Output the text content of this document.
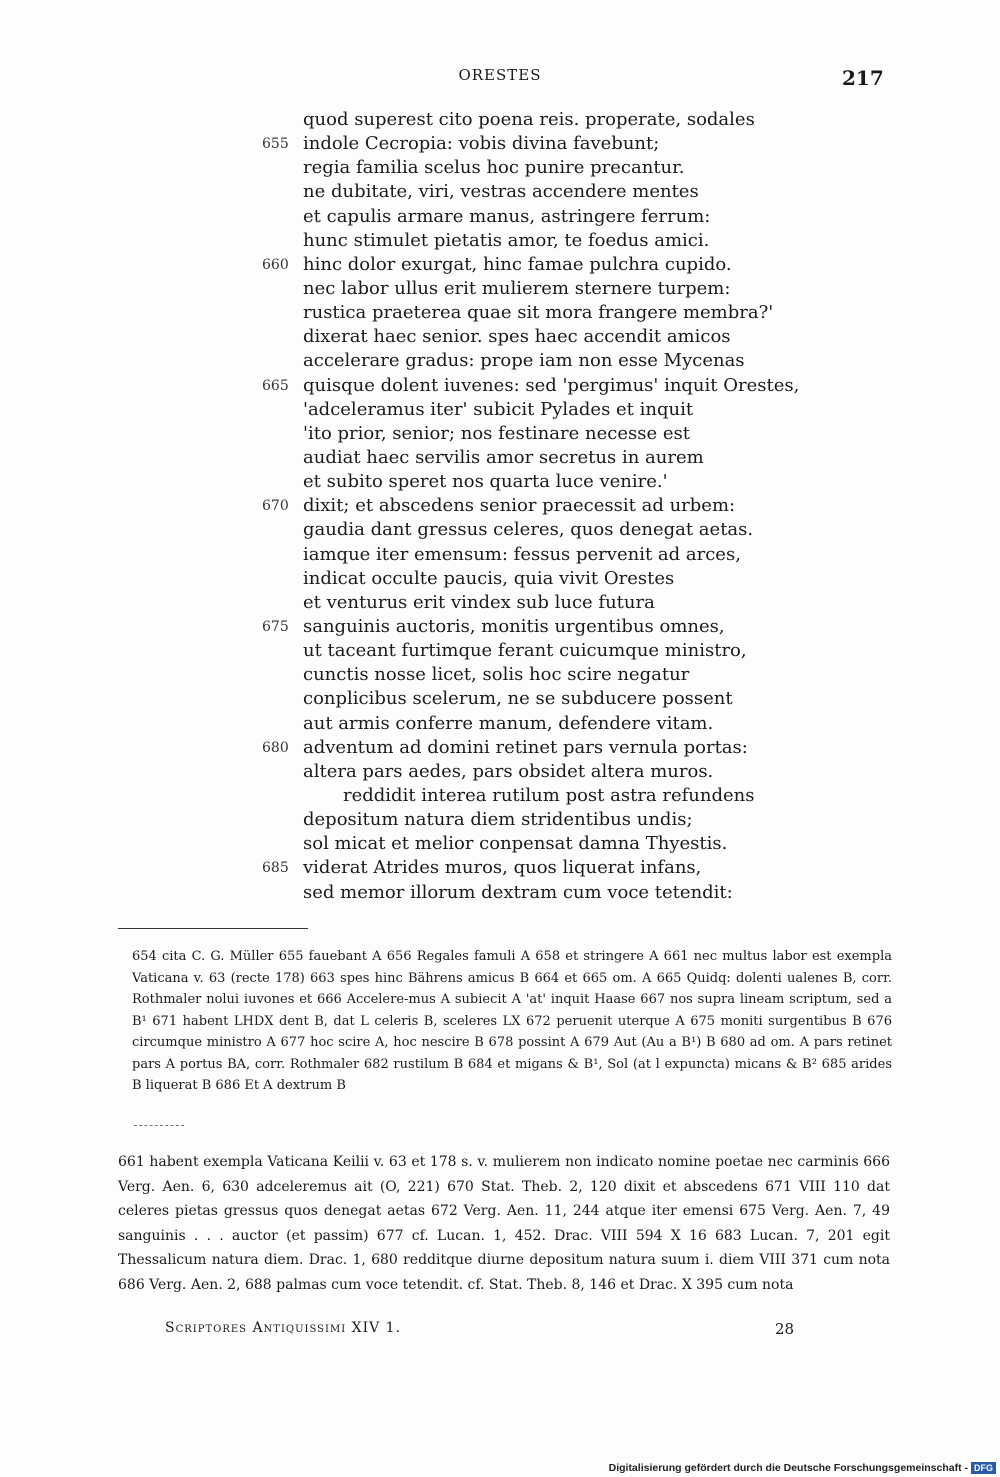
ORESTES	217
quod superest cito poena reis. properate, sodales
655 indole Cecropia: vobis divina favebunt;
regia familia scelus hoc punire precantur.
ne dubitate, viri, vestras accendere mentes
et capulis armare manus, astringere ferrum:
hunc stimulet pietatis amor, te foedus amici.
660 hinc dolor exurgat, hinc famae pulchra cupido.
nec labor ullus erit mulierem sternere turpem:
rustica praeterea quae sit mora frangere membra?'
dixerat haec senior. spes haec accendit amicos
accelerare gradus: prope iam non esse Mycenas
665 quisque dolent iuvenes: sed 'pergimus' inquit Orestes,
'adceleramus iter' subicit Pylades et inquit
'ito prior, senior; nos festinare necesse est
audiat haec servilis amor secretus in aurem
et subito speret nos quarta luce venire.'
670 dixit; et abscedens senior praecessit ad urbem:
gaudia dant gressus celeres, quos denegat aetas.
iamque iter emensum: fessus pervenit ad arces,
indicat occulte paucis, quia vivit Orestes
et venturus erit vindex sub luce futura
675 sanguinis auctoris, monitis urgentibus omnes,
ut taceant furtimque ferant cuicumque ministro,
cunctis nosse licet, solis hoc scire negatur
conplicibus scelerum, ne se subducere possent
aut armis conferre manum, defendere vitam.
680 adventum ad domini retinet pars vernula portas:
altera pars aedes, pars obsidet altera muros.
reddidit interea rutilum post astra refundens
depositum natura diem stridentibus undis;
sol micat et melior conpensat damna Thyestis.
685 viderat Atrides muros, quos liquerat infans,
sed memor illorum dextram cum voce tetendit:

654 cita C. G. Müller 655 fauebant A 656 Regales famuli A 658 et stringere A 661 nec multus labor est exempla Vaticana v. 63 (recte 178) 663 spes hinc Bährens amicus B 664 et 665 om. A 665 Quidq: dolenti ualenes B, corr. Rothmaler nolui iuvones et 666 Accelere-mus A subiecit A 'at' inquit Haase 667 nos supra lineam scriptum, sed a B¹ 671 habent LHDX dent B, dat L celeris B, sceleres LX 672 peruenit uterque A 675 moniti surgentibus B 676 circumque ministro A 677 hoc scire A, hoc nescire B 678 possint A 679 Aut (Au a B¹) B 680 ad om. A pars retinet pars A portus BA, corr. Rothmaler 682 rustilum B 684 et migans & B¹, Sol (at l expuncta) micans & B² 685 arides B liquerat B 686 Et A dextrum B

661 habent exempla Vaticana Keilii v. 63 et 178 s. v. mulierem non indicato nomine poetae nec carminis 666 Verg. Aen. 6, 630 adceleremus ait (O, 221) 670 Stat. Theb. 2, 120 dixit et abscedens 671 VIII 110 dat celeres pietas gressus quos denegat aetas 672 Verg. Aen. 11, 244 atque iter emensi 675 Verg. Aen. 7, 49 sanguinis . . . auctor (et passim) 677 cf. Lucan. 1, 452. Drac. VIII 594 X 16 683 Lucan. 7, 201 egit Thessalicum natura diem. Drac. 1, 680 redditque diurne depositum natura suum i. diem VIII 371 cum nota 686 Verg. Aen. 2, 688 palmas cum voce tetendit. cf. Stat. Theb. 8, 146 et Drac. X 395 cum nota

Scriptores Antiquissimi XIV 1.	28
Digitalisierung gefördert durch die Deutsche Forschungsgemeinschaft - DFG
